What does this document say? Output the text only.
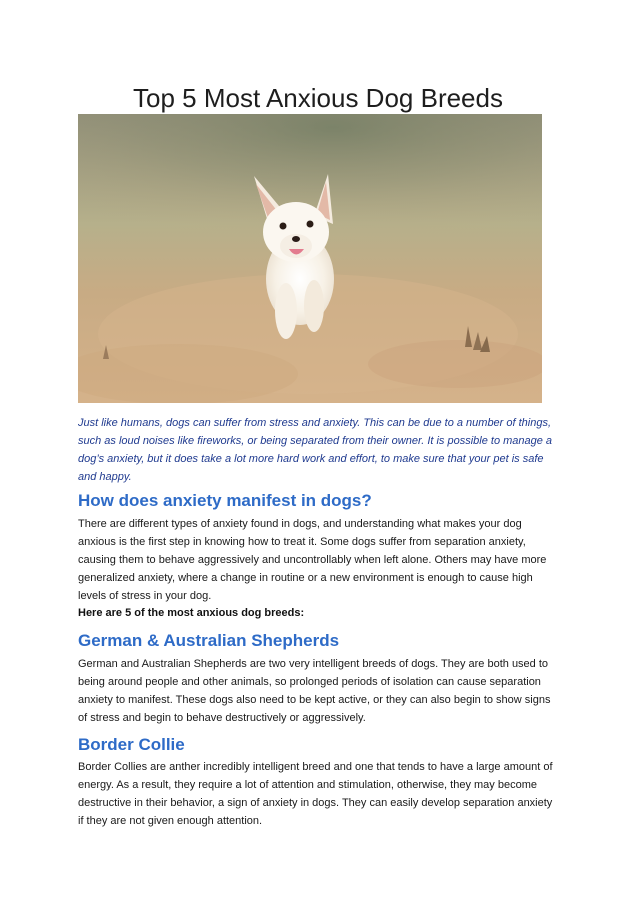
Top 5 Most Anxious Dog Breeds

Just like humans, dogs can suffer from stress and anxiety. This can be due to a number of things, such as loud noises like fireworks, or being separated from their owner. It is possible to manage a dog’s anxiety, but it does take a lot more hard work and effort, to make sure that your pet is safe and happy.

How does anxiety manifest in dogs?

There are different types of anxiety found in dogs, and understanding what makes your dog anxious is the first step in knowing how to treat it. Some dogs suffer from separation anxiety, causing them to behave aggressively and uncontrollably when left alone. Others may have more generalized anxiety, where a change in routine or a new environment is enough to cause high levels of stress in your dog.

Here are 5 of the most anxious dog breeds:

German & Australian Shepherds

German and Australian Shepherds are two very intelligent breeds of dogs. They are both used to being around people and other animals, so prolonged periods of isolation can cause separation anxiety to manifest. These dogs also need to be kept active, or they can also begin to show signs of stress and begin to behave destructively or aggressively.

Border Collie

Border Collies are anther incredibly intelligent breed and one that tends to have a large amount of energy. As a result, they require a lot of attention and stimulation, otherwise, they may become destructive in their behavior, a sign of anxiety in dogs. They can easily develop separation anxiety if they are not given enough attention.
